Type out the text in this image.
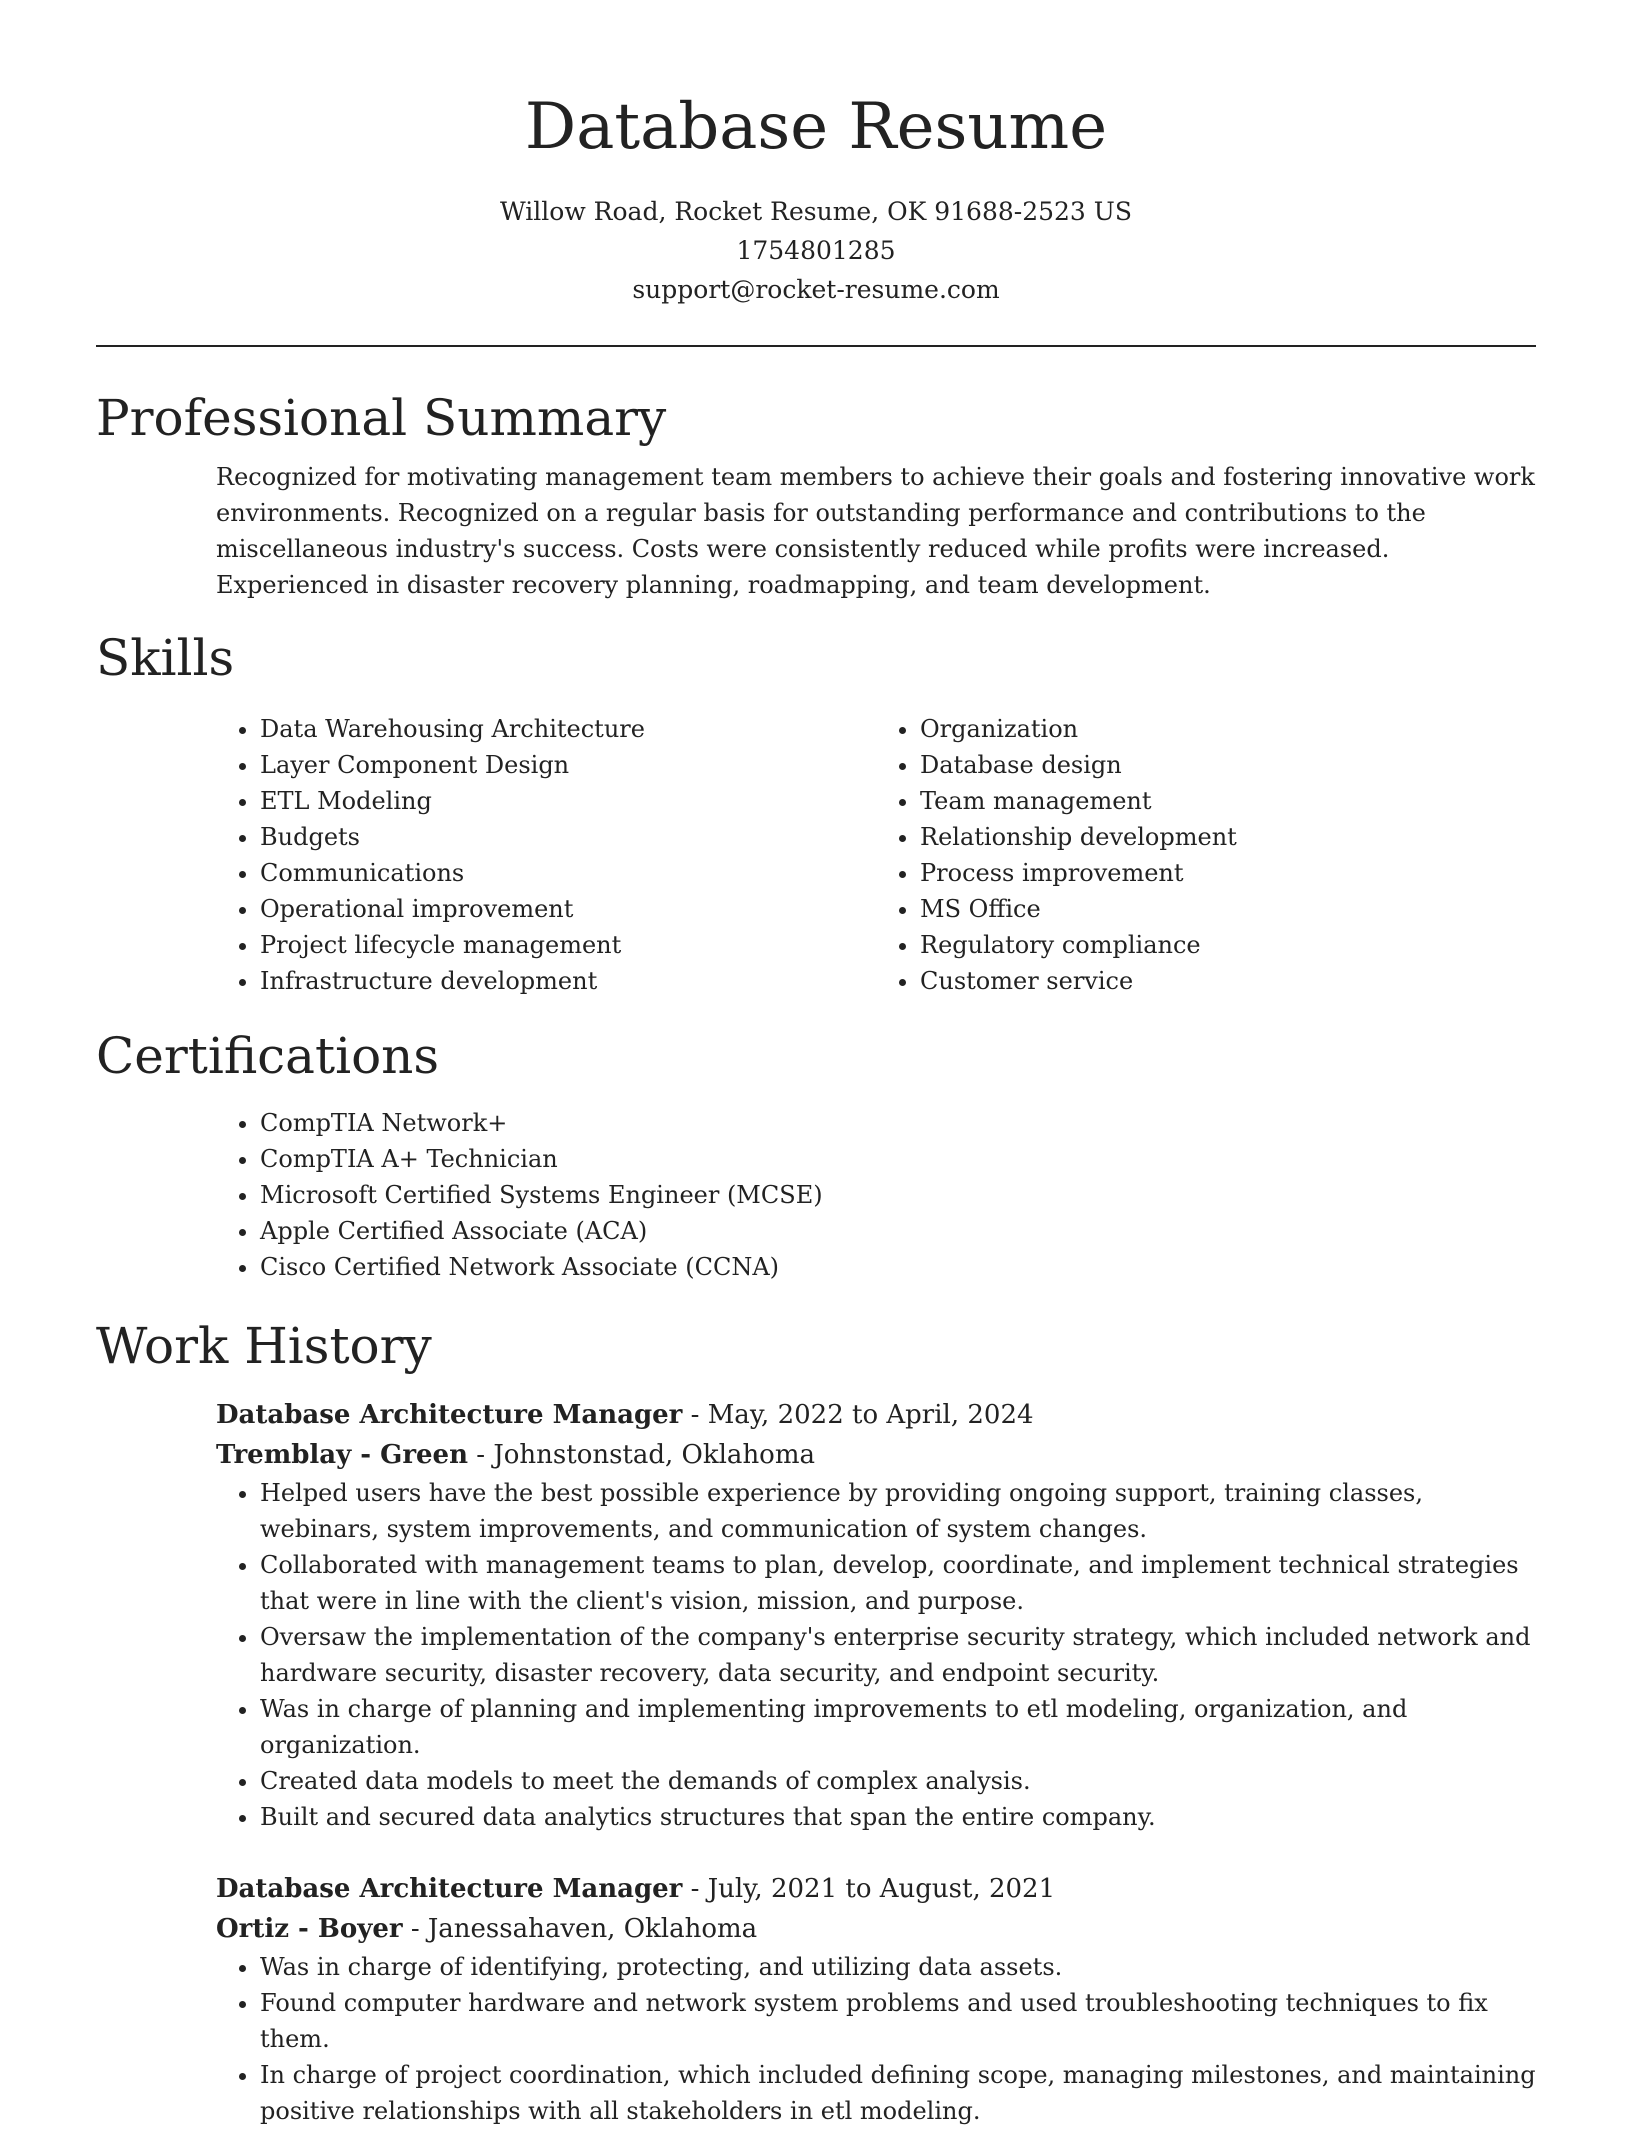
Database Resume
Willow Road, Rocket Resume, OK 91688-2523 US
1754801285
support@rocket-resume.com
Professional Summary

Recognized for motivating management team members to achieve their goals and fostering innovative work environments. Recognized on a regular basis for outstanding performance and contributions to the miscellaneous industry's success. Costs were consistently reduced while profits were increased. Experienced in disaster recovery planning, roadmapping, and team development.

Skills
• Data Warehousing Architecture
• Layer Component Design
• ETL Modeling
• Budgets
• Communications
• Operational improvement
• Project lifecycle management
• Infrastructure development
• Organization
• Database design
• Team management
• Relationship development
• Process improvement
• MS Office
• Regulatory compliance
• Customer service
Certifications
• CompTIA Network+
• CompTIA A+ Technician
• Microsoft Certified Systems Engineer (MCSE)
• Apple Certified Associate (ACA)
• Cisco Certified Network Associate (CCNA)
Work History
Database Architecture Manager - May, 2022 to April, 2024
Tremblay - Green - Johnstonstad, Oklahoma
• Helped users have the best possible experience by providing ongoing support, training classes, webinars, system improvements, and communication of system changes.
• Collaborated with management teams to plan, develop, coordinate, and implement technical strategies that were in line with the client's vision, mission, and purpose.
• Oversaw the implementation of the company's enterprise security strategy, which included network and hardware security, disaster recovery, data security, and endpoint security.
• Was in charge of planning and implementing improvements to etl modeling, organization, and organization.
• Created data models to meet the demands of complex analysis.
• Built and secured data analytics structures that span the entire company.
Database Architecture Manager - July, 2021 to August, 2021
Ortiz - Boyer - Janessahaven, Oklahoma
• Was in charge of identifying, protecting, and utilizing data assets.
• Found computer hardware and network system problems and used troubleshooting techniques to fix them.
• In charge of project coordination, which included defining scope, managing milestones, and maintaining positive relationships with all stakeholders in etl modeling.
